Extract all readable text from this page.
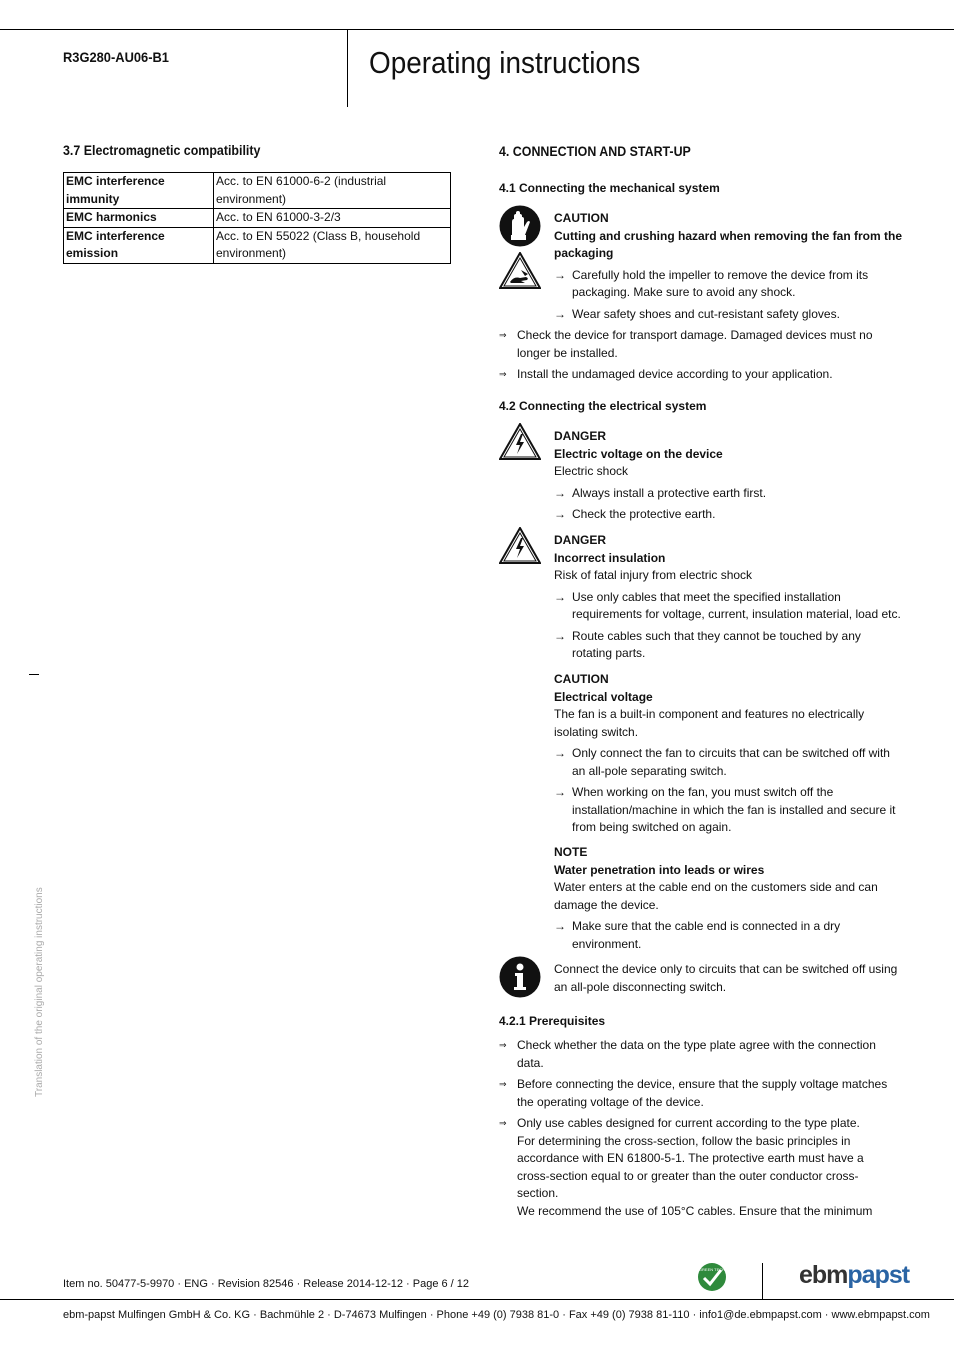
R3G280-AU06-B1	Operating instructions
3.7 Electromagnetic compatibility
EMC interference immunity	Acc. to EN 61000-6-2 (industrial environment)
EMC harmonics	Acc. to EN 61000-3-2/3
EMC interference emission	Acc. to EN 55022 (Class B, household environment)
Translation of the original operating instructions
4. CONNECTION AND START-UP
4.1 Connecting the mechanical system
CAUTION
Cutting and crushing hazard when removing the fan from the packaging
→ Carefully hold the impeller to remove the device from its packaging. Make sure to avoid any shock.
→ Wear safety shoes and cut-resistant safety gloves.
⇒ Check the device for transport damage. Damaged devices must no longer be installed.
⇒ Install the undamaged device according to your application.
4.2 Connecting the electrical system
DANGER
Electric voltage on the device
Electric shock
→ Always install a protective earth first.
→ Check the protective earth.
DANGER
Incorrect insulation
Risk of fatal injury from electric shock
→ Use only cables that meet the specified installation requirements for voltage, current, insulation material, load etc.
→ Route cables such that they cannot be touched by any rotating parts.
CAUTION
Electrical voltage
The fan is a built-in component and features no electrically isolating switch.
→ Only connect the fan to circuits that can be switched off with an all-pole separating switch.
→ When working on the fan, you must switch off the installation/machine in which the fan is installed and secure it from being switched on again.
NOTE
Water penetration into leads or wires
Water enters at the cable end on the customers side and can damage the device.
→ Make sure that the cable end is connected in a dry environment.
Connect the device only to circuits that can be switched off using an all-pole disconnecting switch.
4.2.1 Prerequisites
⇒ Check whether the data on the type plate agree with the connection data.
⇒ Before connecting the device, ensure that the supply voltage matches the operating voltage of the device.
⇒ Only use cables designed for current according to the type plate.
For determining the cross-section, follow the basic principles in accordance with EN 61800-5-1. The protective earth must have a cross-section equal to or greater than the outer conductor cross-section.
We recommend the use of 105°C cables. Ensure that the minimum
Item no. 50477-5-9970 · ENG · Revision 82546 · Release 2014-12-12 · Page 6 / 12
GREEN TECH	ebmpapst
ebm-papst Mulfingen GmbH & Co. KG · Bachmühle 2 · D-74673 Mulfingen · Phone +49 (0) 7938 81-0 · Fax +49 (0) 7938 81-110 · info1@de.ebmpapst.com · www.ebmpapst.com
